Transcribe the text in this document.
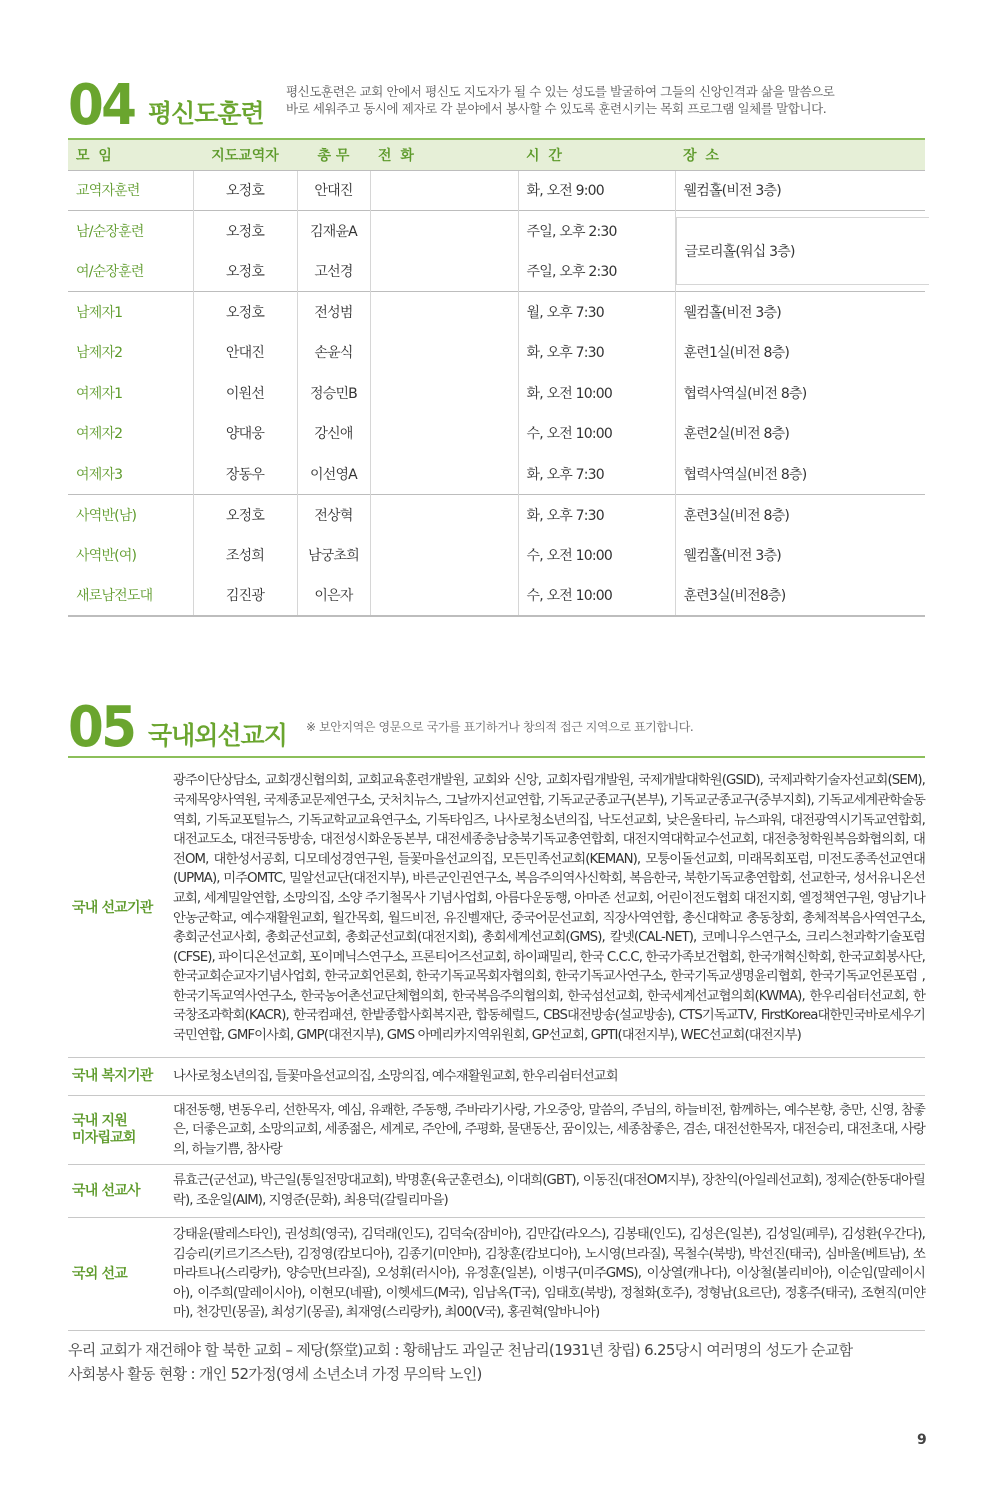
04 평신도훈련
평신도훈련은 교회 안에서 평신도 지도자가 될 수 있는 성도를 발굴하여 그들의 신앙인격과 삶을 말씀으로
바로 세워주고 동시에 제자로 각 분야에서 봉사할 수 있도록 훈련시키는 목회 프로그램 일체를 말합니다.
모 임	지도교역자	총 무	전 화	시 간	장 소
교역자훈련	오정호	안대진		화, 오전 9:00	웰컴홀(비전 3층)
남/순장훈련	오정호	김재윤A		주일, 오후 2:30	글로리홀(워십 3층)

여/순장훈련	오정호	고선경		주일, 오후 2:30	
남제자1	오정호	전성범		월, 오후 7:30	웰컴홀(비전 3층)
남제자2	안대진	손윤식		화, 오후 7:30	훈련1실(비전 8층)
여제자1	이원선	정승민B		화, 오전 10:00	협력사역실(비전 8층)
여제자2	양대웅	강신애		수, 오전 10:00	훈련2실(비전 8층)
여제자3	장동우	이선영A		화, 오후 7:30	협력사역실(비전 8층)
사역반(남)	오정호	전상혁		화, 오후 7:30	훈련3실(비전 8층)
사역반(여)	조성희	남궁초희		수, 오전 10:00	웰컴홀(비전 3층)
새로남전도대	김진광	이은자		수, 오전 10:00	훈련3실(비전8층)
05 국내외선교지 ※ 보안지역은 영문으로 국가를 표기하거나 창의적 접근 지역으로 표기합니다.
국내 선교기관
광주이단상담소, 교회갱신협의회, 교회교육훈련개발원, 교회와 신앙, 교회자립개발원, 국제개발대학원(GSID), 국제과학기술자선교회(SEM), 국제목양사역원, 국제종교문제연구소, 굿처치뉴스, 그날까지선교연합, 기독교군종교구(본부), 기독교군종교구(중부지회), 기독교세계관학술동역회, 기독교포털뉴스, 기독교학교교육연구소, 기독타임즈, 나사로청소년의집, 낙도선교회, 낮은울타리, 뉴스파워, 대전광역시기독교연합회, 대전교도소, 대전극동방송, 대전성시화운동본부, 대전세종충남충북기독교총연합회, 대전지역대학교수선교회, 대전충청학원복음화협의회, 대전OM, 대한성서공회, 디모데성경연구원, 들꽃마을선교의집, 모든민족선교회(KEMAN), 모퉁이돌선교회, 미래목회포럼, 미전도종족선교연대(UPMA), 미주OMTC, 밀알선교단(대전지부), 바른군인권연구소, 복음주의역사신학회, 복음한국, 북한기독교총연합회, 선교한국, 성서유니온선교회, 세계밀알연합, 소망의집, 소양 주기철목사 기념사업회, 아름다운동행, 아마존 선교회, 어린이전도협회 대전지회, 엘정책연구원, 영남기나안농군학교, 예수재활원교회, 월간목회, 월드비전, 유진벨재단, 중국어문선교회, 직장사역연합, 총신대학교 총동창회, 총체적복음사역연구소, 총회군선교사회, 총회군선교회, 총회군선교회(대전지회), 총회세계선교회(GMS), 칼넷(CAL-NET), 코메니우스연구소, 크리스천과학기술포럼(CFSE), 파이디온선교회, 포이메닉스연구소, 프론티어즈선교회, 하이패밀리, 한국 C.C.C, 한국가족보건협회, 한국개혁신학회, 한국교회봉사단, 한국교회순교자기념사업회, 한국교회언론회, 한국기독교목회자협의회, 한국기독교사연구소, 한국기독교생명윤리협회, 한국기독교언론포럼 , 한국기독교역사연구소, 한국농어촌선교단체협의회, 한국복음주의협의회, 한국섬선교회, 한국세계선교협의회(KWMA), 한우리쉼터선교회, 한국창조과학회(KACR), 한국컴패션, 한밭종합사회복지관, 합동헤럴드, CBS대전방송(설교방송), CTS기독교TV, FirstKorea대한민국바로세우기국민연합, GMF이사회, GMP(대전지부), GMS 아메리카지역위원회, GP선교회, GPTI(대전지부), WEC선교회(대전지부)
국내 복지기관	나사로청소년의집, 들꽃마을선교의집, 소망의집, 예수재활원교회, 한우리쉼터선교회
국내 지원 미자립교회
대전동행, 변동우리, 선한목자, 예심, 유쾌한, 주동행, 주바라기사랑, 가오중앙, 말씀의, 주님의, 하늘비전, 함께하는, 예수본향, 충만, 신영, 참좋은, 더좋은교회, 소망의교회, 세종젊은, 세계로, 주안에, 주평화, 물댄동산, 꿈이있는, 세종참좋은, 겸손, 대전선한목자, 대전승리, 대전초대, 사랑의, 하늘기쁨, 참사랑
국내 선교사
류효근(군선교), 박근일(통일전망대교회), 박명훈(육군훈련소), 이대희(GBT), 이동진(대전OM지부), 장찬익(아일레선교회), 정제순(한동대아릴락), 조운일(AIM), 지영준(문화), 최용덕(갈릴리마을)
국외 선교
강태윤(팔레스타인), 권성희(영국), 김덕래(인도), 김덕숙(잠비아), 김만갑(라오스), 김봉태(인도), 김성은(일본), 김성일(페루), 김성환(우간다), 김승리(키르기즈스탄), 김정영(캄보디아), 김종기(미얀마), 김창훈(캄보디아), 노시영(브라질), 목철수(북방), 박선진(태국), 심바울(베트남), 쏘마라트나(스리랑카), 양승만(브라질), 오성휘(러시아), 유정훈(일본), 이병구(미주GMS), 이상열(캐나다), 이상철(볼리비아), 이순임(말레이시아), 이주희(말레이시아), 이현모(네팔), 이헷세드(M국), 임남옥(T국), 임태호(북방), 정철화(호주), 정형남(요르단), 정홍주(태국), 조현직(미얀마), 천강민(몽골), 최성기(몽골), 최재영(스리랑카), 최00(V국), 홍권혁(알바니아)
우리 교회가 재건해야 할 북한 교회 – 제당(祭堂)교회 : 황해남도 과일군 천남리(1931년 창립) 6.25당시 여러명의 성도가 순교함
사회봉사 활동 현황 : 개인 52가정(영세 소년소녀 가정 무의탁 노인)
9
